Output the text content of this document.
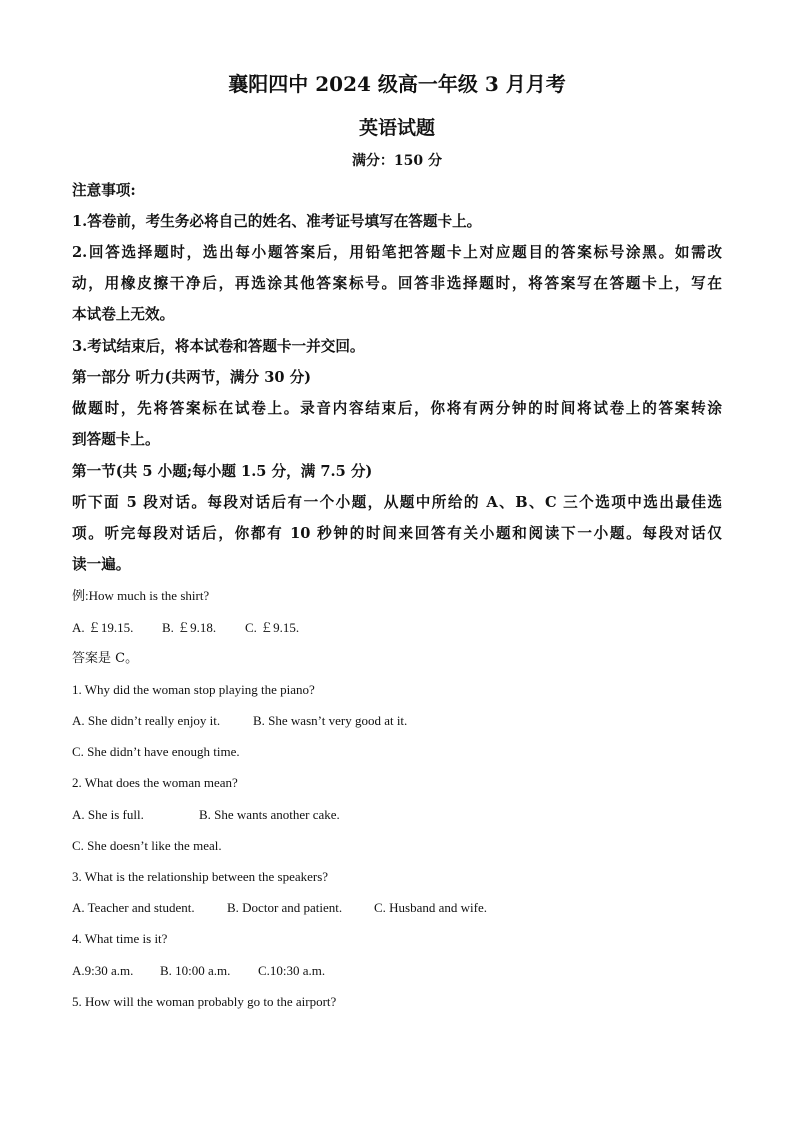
襄阳四中 2024 级高一年级 3 月月考
英语试题
满分：150 分
注意事项:
1.答卷前，考生务必将自己的姓名、准考证号填写在答题卡上。
2.回答选择题时，选出每小题答案后，用铅笔把答题卡上对应题目的答案标号涂黑。如需改
动，用橡皮擦干净后，再选涂其他答案标号。回答非选择题时，将答案写在答题卡上，写在
本试卷上无效。
3.考试结束后，将本试卷和答题卡一并交回。
第一部分 听力(共两节，满分 30 分)
做题时，先将答案标在试卷上。录音内容结束后，你将有两分钟的时间将试卷上的答案转涂
到答题卡上。
第一节(共 5 小题;每小题 1.5 分，满 7.5 分)
听下面 5 段对话。每段对话后有一个小题，从题中所给的 A、B、C 三个选项中选出最佳选
项。听完每段对话后，你都有 10 秒钟的时间来回答有关小题和阅读下一小题。每段对话仅
读一遍。
例:How much is the shirt?
A. ￡19.15. B. ￡9.18. C. ￡9.15.
答案是 C。
1. Why did the woman stop playing the piano?
A. She didn’t really enjoy it.	B. She wasn’t very good at it.
C. She didn’t have enough time.
2. What does the woman mean?
A. She is full.	B. She wants another cake.
C. She doesn’t like the meal.
3. What is the relationship between the speakers?
A. Teacher and student. B. Doctor and patient. C. Husband and wife.
4. What time is it?
A.9:30 a.m. B. 10:00 a.m. C.10:30 a.m.
5. How will the woman probably go to the airport?
